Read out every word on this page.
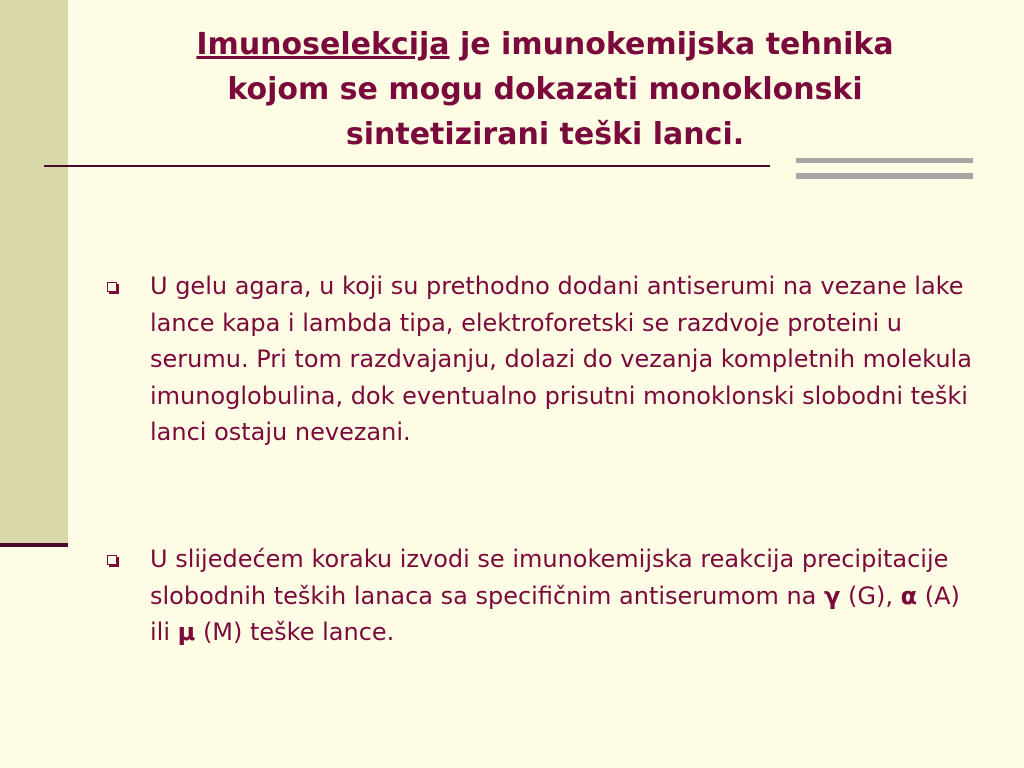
Imunoselekcija je imunokemijska tehnika
kojom se mogu dokazati monoklonski
sintetizirani teški lanci.
U gelu agara, u koji su prethodno dodani antiserumi na vezane lake lance kapa i lambda tipa, elektroforetski se razdvoje proteini u serumu. Pri tom razdvajanju, dolazi do vezanja kompletnih molekula imunoglobulina, dok eventualno prisutni monoklonski slobodni teški lanci ostaju nevezani.
U slijedećem koraku izvodi se imunokemijska reakcija precipitacije slobodnih teških lanaca sa specifičnim antiserumom na γ (G), α (A) ili μ (M) teške lance.
